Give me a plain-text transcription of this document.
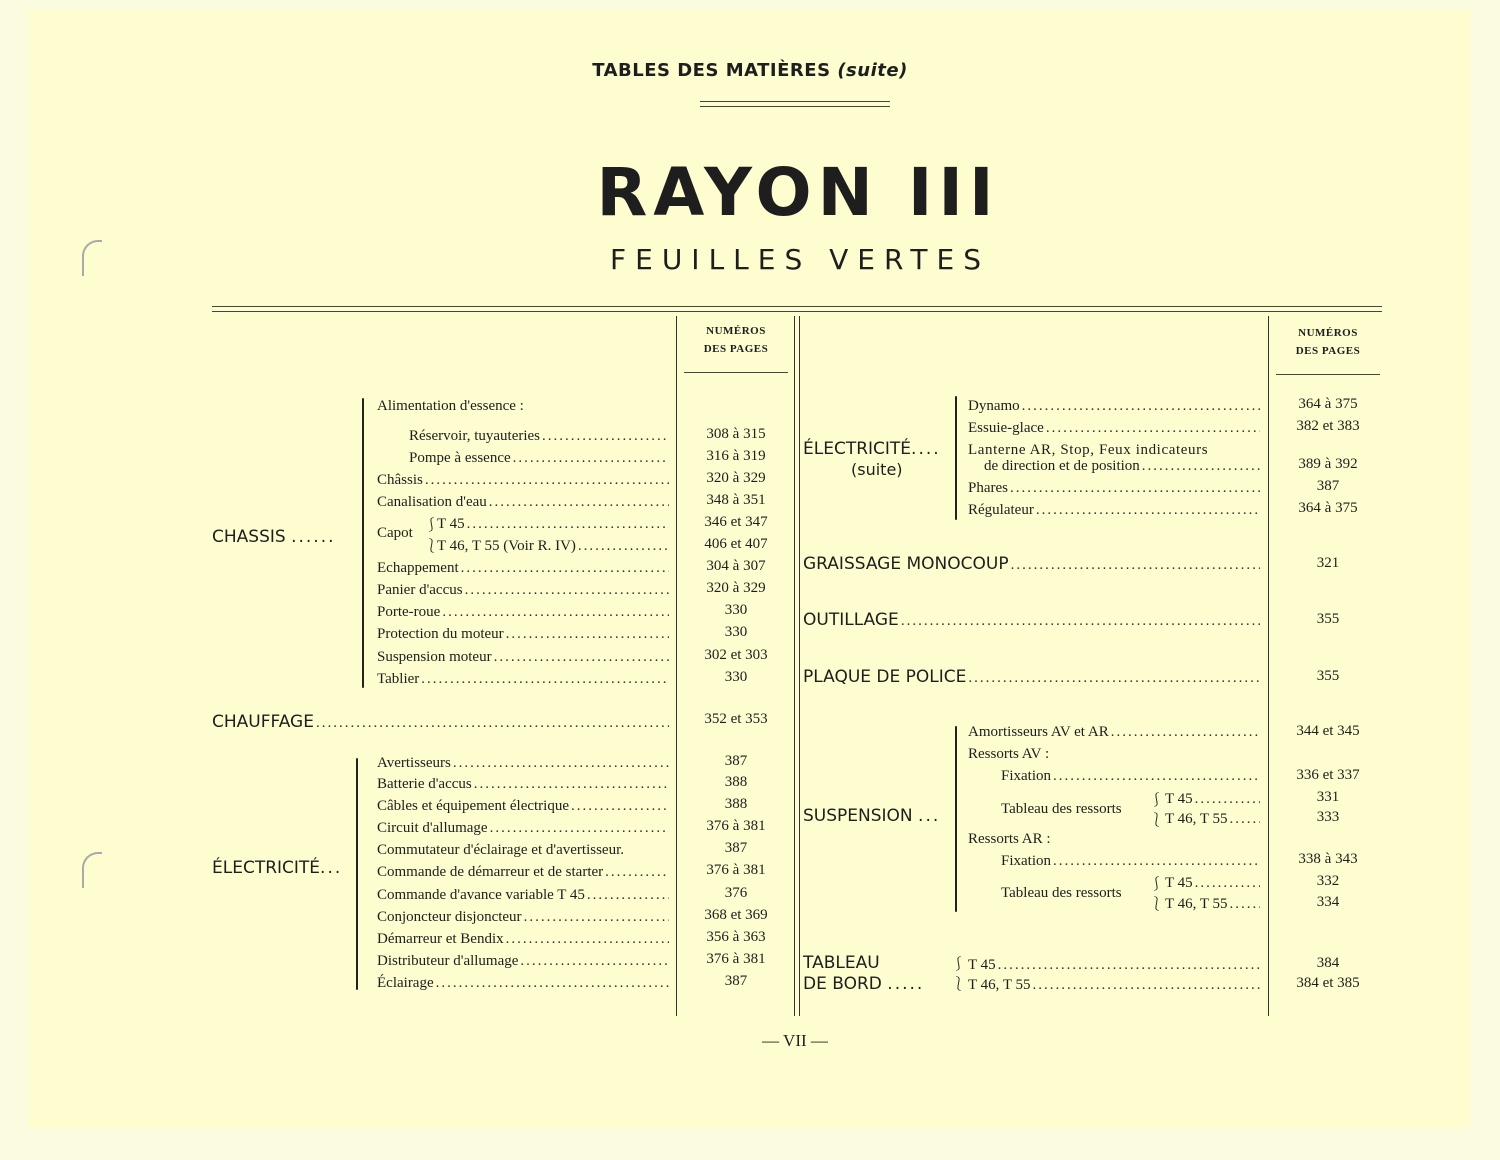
TABLES DES MATIÈRES (suite)
RAYON III
FEUILLES VERTES
NUMÉROS
DES PAGES
NUMÉROS
DES PAGES
CHASSIS ......
Alimentation d'essence :
Réservoir, tuyauteries .....	308 à 315
Pompe à essence .....	316 à 319
Châssis .....	320 à 329
Canalisation d'eau .....	348 à 351
Capot
⎰
⎱
T 45 .....	346 et 347
T 46, T 55 (Voir R. IV) .....	406 et 407
Echappement .....	304 à 307
Panier d'accus .....	320 à 329
Porte-roue .....	330
Protection du moteur .....	330
Suspension moteur .....	302 et 303
Tablier .....	330
CHAUFFAGE .....	352 et 353
ÉLECTRICITÉ...
Avertisseurs .....	387
Batterie d'accus .....	388
Câbles et équipement électrique .....	388
Circuit d'allumage .....	376 à 381
Commutateur d'éclairage et d'avertisseur.	387
Commande de démarreur et de starter .....	376 à 381
Commande d'avance variable T 45 .....	376
Conjoncteur disjoncteur .....	368 et 369
Démarreur et Bendix .....	356 à 363
Distributeur d'allumage .....	376 à 381
Éclairage .....	387
ÉLECTRICITÉ....
(suite)
Dynamo .....	364 à 375
Essuie-glace .....	382 et 383
Lanterne AR, Stop, Feux indicateurs
de direction et de position .....	389 à 392
Phares .....	387
Régulateur .....	364 à 375
GRAISSAGE MONOCOUP .....	321
OUTILLAGE .....	355
PLAQUE DE POLICE .....	355
SUSPENSION ...
Amortisseurs AV et AR .....	344 et 345
Ressorts AV :
Fixation .....	336 et 337
Tableau des ressorts
⎰
⎱
T 45 .....	331
T 46, T 55 .....	333
Ressorts AR :
Fixation .....	338 à 343
Tableau des ressorts
⎰
⎱
T 45 .....	332
T 46, T 55 .....	334
TABLEAU
DE BORD .....
⎰
⎱
T 45 .....	384
T 46, T 55 .....	384 et 385
— VII —
